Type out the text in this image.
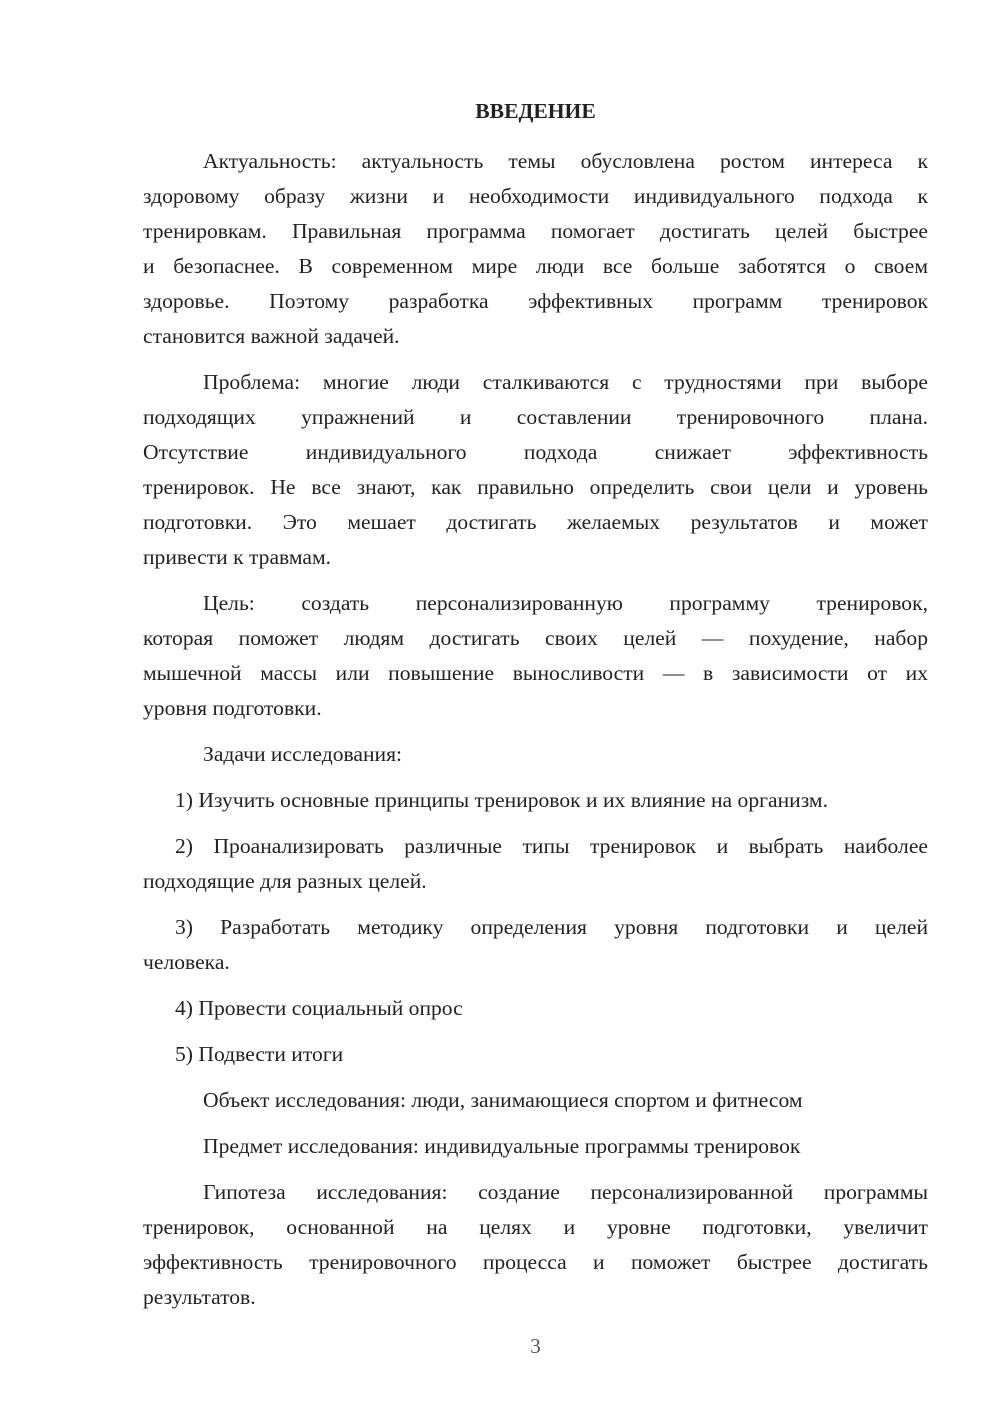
ВВЕДЕНИЕ
Актуальность: актуальность темы обусловлена ростом интереса к
здоровому образу жизни и необходимости индивидуального подхода к
тренировкам. Правильная программа помогает достигать целей быстрее
и безопаснее. В современном мире люди все больше заботятся о своем
здоровье. Поэтому разработка эффективных программ тренировок
становится важной задачей.
Проблема: многие люди сталкиваются с трудностями при выборе
подходящих упражнений и составлении тренировочного плана.
Отсутствие индивидуального подхода снижает эффективность
тренировок. Не все знают, как правильно определить свои цели и уровень
подготовки. Это мешает достигать желаемых результатов и может
привести к травмам.
Цель: создать персонализированную программу тренировок,
которая поможет людям достигать своих целей — похудение, набор
мышечной массы или повышение выносливости — в зависимости от их
уровня подготовки.
Задачи исследования:
1) Изучить основные принципы тренировок и их влияние на организм.
2) Проанализировать различные типы тренировок и выбрать наиболее
подходящие для разных целей.
3) Разработать методику определения уровня подготовки и целей
человека.
4) Провести социальный опрос
5) Подвести итоги
Объект исследования: люди, занимающиеся спортом и фитнесом
Предмет исследования: индивидуальные программы тренировок
Гипотеза исследования: создание персонализированной программы
тренировок, основанной на целях и уровне подготовки, увеличит
эффективность тренировочного процесса и поможет быстрее достигать
результатов.
3
